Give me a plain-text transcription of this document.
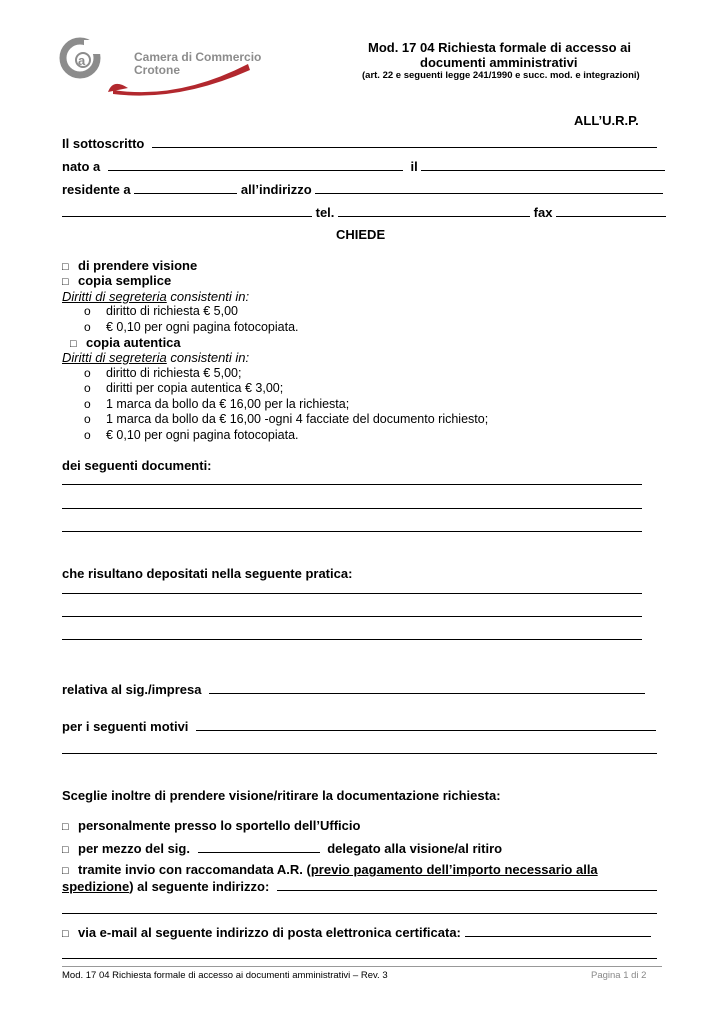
a	Camera di Commercio
Crotone
Mod. 17 04 Richiesta formale di accesso ai
documenti amministrativi
(art. 22 e seguenti legge 241/1990 e succ. mod. e integrazioni)
ALL’U.R.P.
Il sottoscritto
nato a	il
residente a	all’indirizzo
tel.	fax
CHIEDE
□ di prendere visione
□ copia semplice
Diritti di segreteria consistenti in:
o diritto di richiesta € 5,00
o € 0,10 per ogni pagina fotocopiata.
□ copia autentica
Diritti di segreteria consistenti in:
o diritto di richiesta € 5,00;
o diritti per copia autentica € 3,00;
o 1 marca da bollo da € 16,00 per la richiesta;
o 1 marca da bollo da € 16,00 -ogni 4 facciate del documento richiesto;
o € 0,10 per ogni pagina fotocopiata.
dei seguenti documenti:
che risultano depositati nella seguente pratica:
relativa al sig./impresa
per i seguenti motivi
Sceglie inoltre di prendere visione/ritirare la documentazione richiesta:
□ personalmente presso lo sportello dell’Ufficio
□ per mezzo del sig.	delegato alla visione/al ritiro
□ tramite invio con raccomandata A.R. (previo pagamento dell’importo necessario alla
spedizione) al seguente indirizzo:
□ via e-mail al seguente indirizzo di posta elettronica certificata:
Mod. 17 04 Richiesta formale di accesso ai documenti amministrativi – Rev. 3	Pagina 1 di 2
